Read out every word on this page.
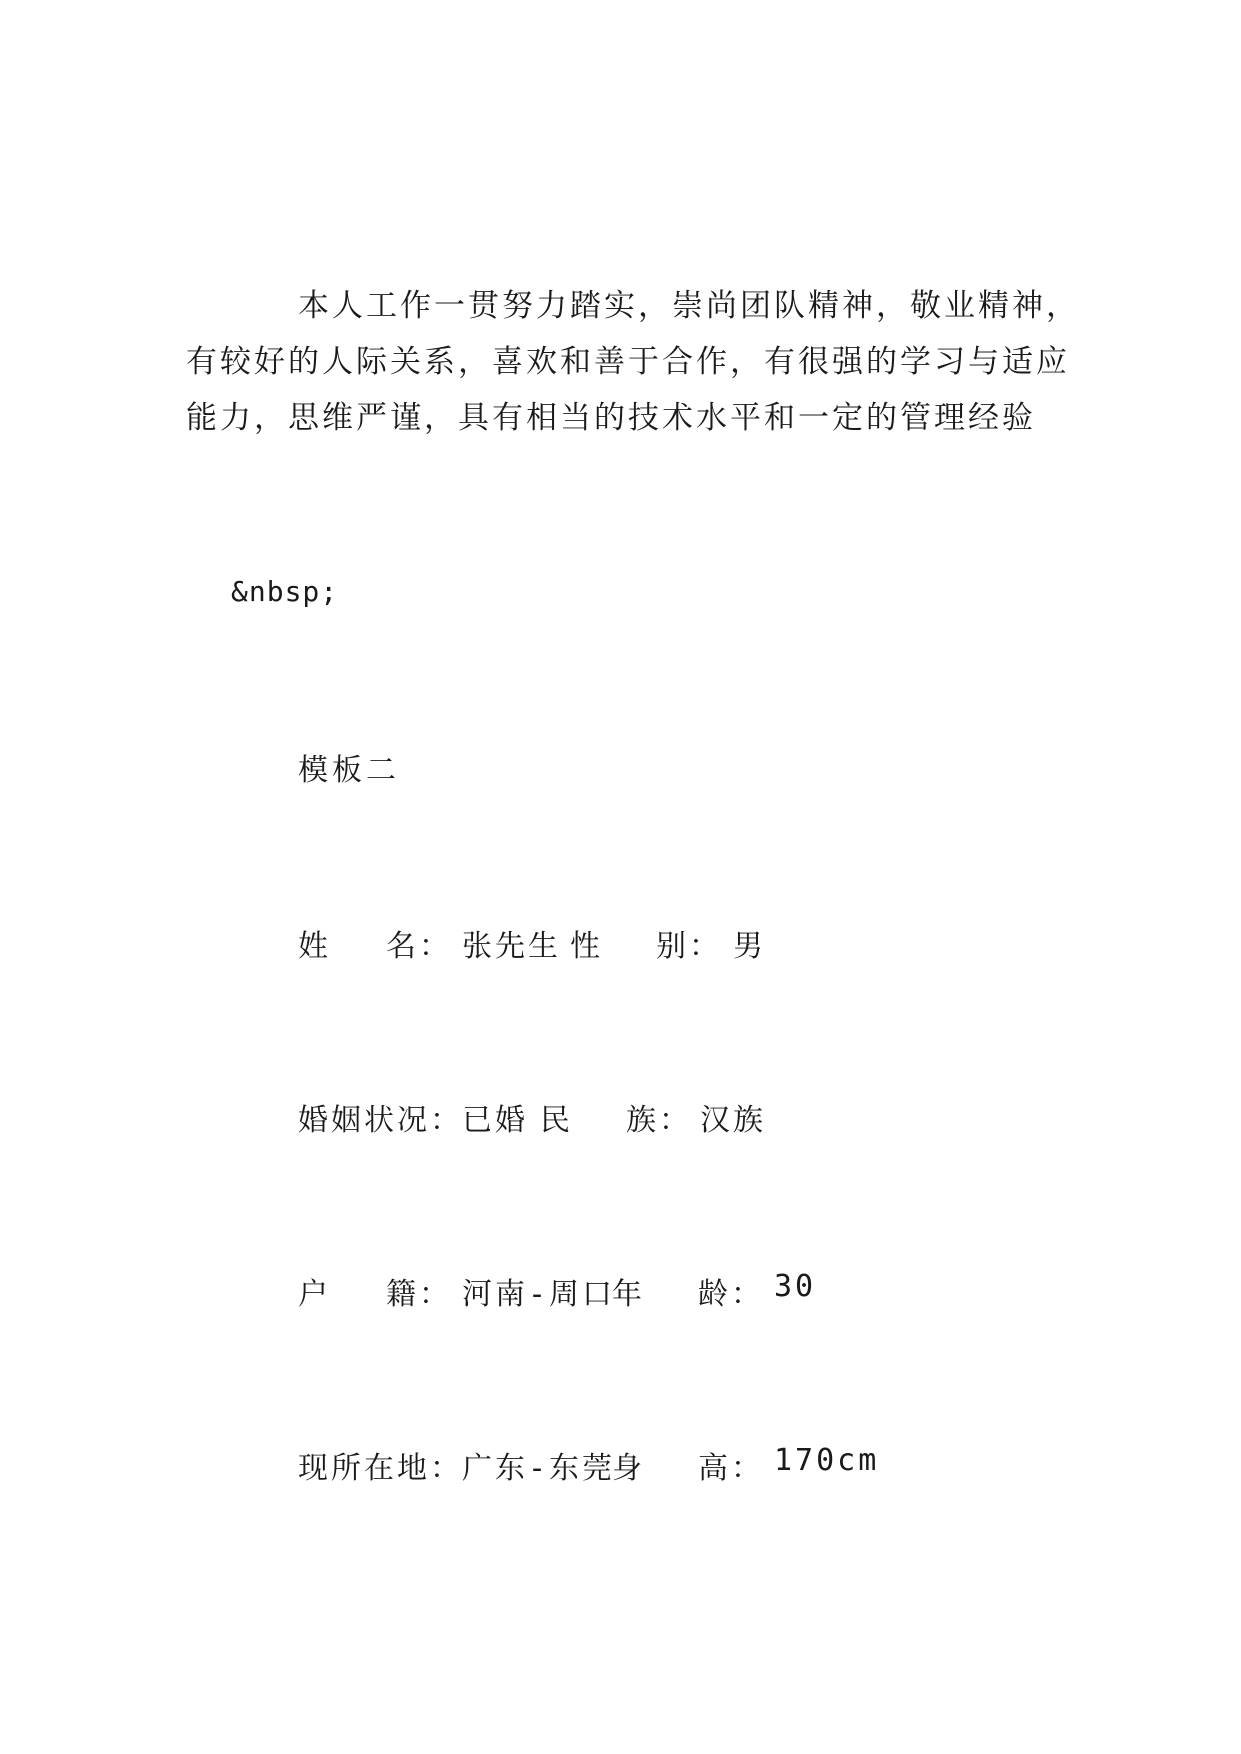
本人工作一贯努力踏实，崇尚团队精神，敬业精神，
有较好的人际关系，喜欢和善于合作，有很强的学习与适应
能力，思维严谨，具有相当的技术水平和一定的管理经验

&nbsp;
模板二
姓 名： 张先生 性 别： 男
婚姻状况： 已婚 民 族： 汉族
户 籍： 河南-周口
年 龄： 30
现所在地： 广东-东莞
身 高： 170cm
